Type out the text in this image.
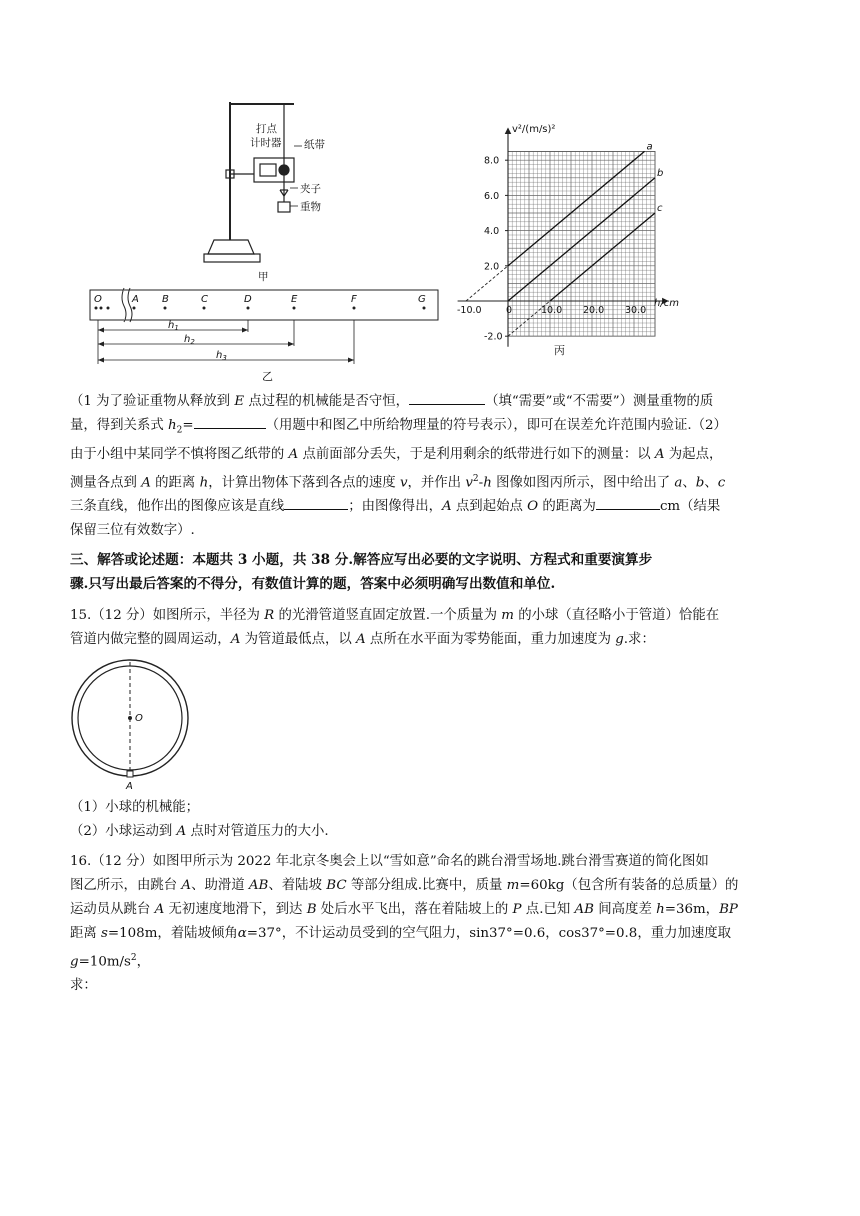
打点
计时器 纸带
夹子
重物
甲
O	A B	C	D	E	F	G
$h_1$
$h_2$
$h_3$
乙
a
b
c
-10.0	0	10.0 20.0 30.0
8.0
6.0
4.0
2.0
-2.0
v²/(m/s)²
h/cm
丙
（1 为了验证重物从释放到 E 点过程的机械能是否守恒，	（填“需要”或“不需要”）测量重物的质
量，得到关系式 $h_2=$	（用题中和图乙中所给物理量的符号表示），即可在误差允许范围内验证.（2）
由于小组中某同学不慎将图乙纸带的 A 点前面部分丢失，于是利用剩余的纸带进行如下的测量：以 A 为起点，
测量各点到 A 的距离 h，计算出物体下落到各点的速度 v，并作出 $v^2-h$ 图像如图丙所示，图中给出了 a、b、c
三条直线，他作出的图像应该是直线	；由图像得出，A 点到起始点 O 的距离为	cm（结果
保留三位有效数字）.
三、解答或论述题：本题共 3 小题，共 38 分.解答应写出必要的文字说明、方程式和重要演算步
骤.只写出最后答案的不得分，有数值计算的题，答案中必须明确写出数值和单位.
15.（12 分）如图所示，半径为 R 的光滑管道竖直固定放置.一个质量为 m 的小球（直径略小于管道）恰能在
管道内做完整的圆周运动，A 为管道最低点，以 A 点所在水平面为零势能面，重力加速度为 g.求：
O
A
（1）小球的机械能；
（2）小球运动到 A 点时对管道压力的大小.
16.（12 分）如图甲所示为 2022 年北京冬奥会上以“雪如意”命名的跳台滑雪场地.跳台滑雪赛道的简化图如
图乙所示，由跳台 A、助滑道 AB、着陆坡 BC 等部分组成.比赛中，质量 m=60kg（包含所有装备的总质量）的
运动员从跳台 A 无初速度地滑下，到达 B 处后水平飞出，落在着陆坡上的 P 点.已知 AB 间高度差 h=36m，BP
距离 s=108m，着陆坡倾角α=37°，不计运动员受到的空气阻力，sin37°=0.6，cos37°=0.8，重力加速度取 $g=10m/s^2$，
求：
